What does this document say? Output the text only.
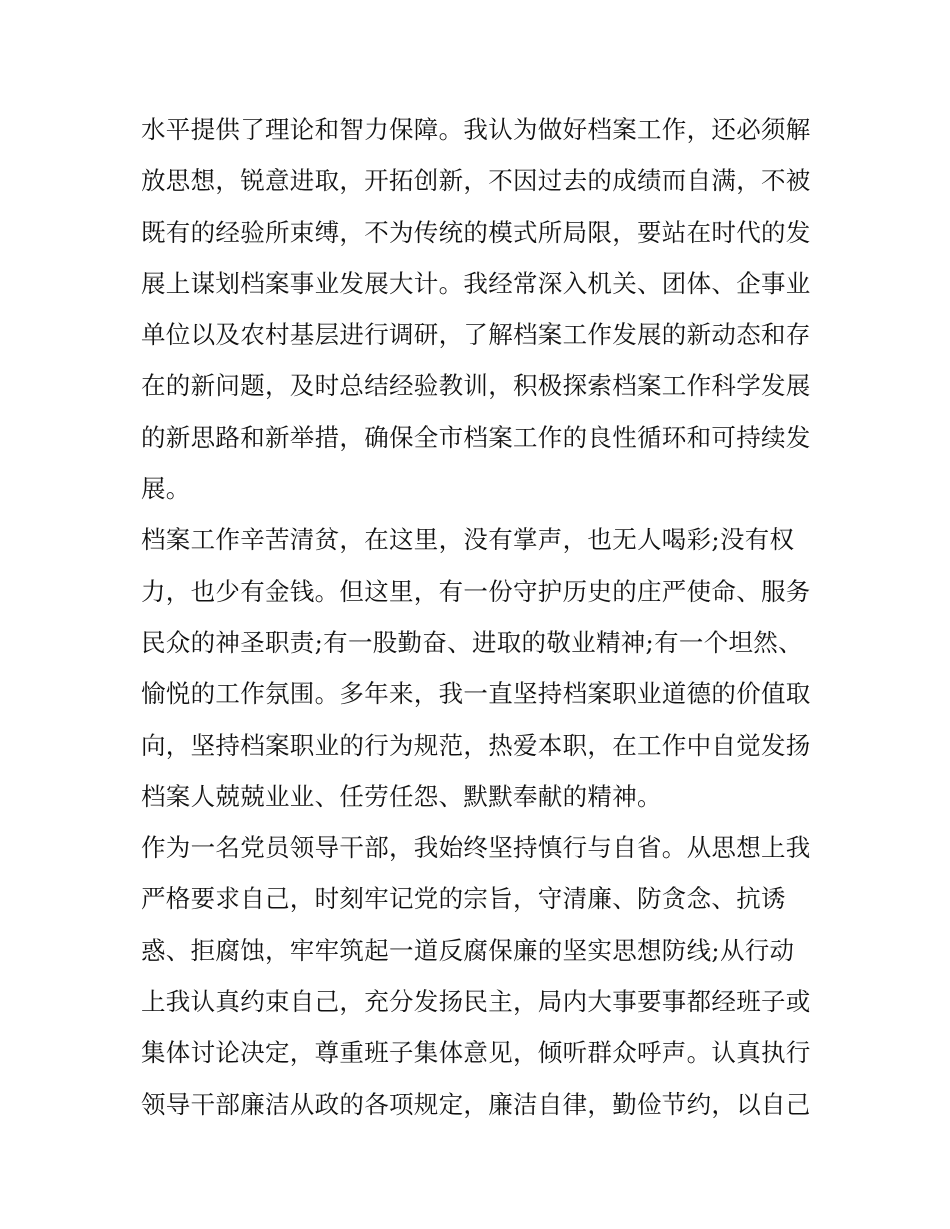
水平提供了理论和智力保障。我认为做好档案工作，还必须解
放思想，锐意进取，开拓创新，不因过去的成绩而自满，不被
既有的经验所束缚，不为传统的模式所局限，要站在时代的发
展上谋划档案事业发展大计。我经常深入机关、团体、企事业
单位以及农村基层进行调研，了解档案工作发展的新动态和存
在的新问题，及时总结经验教训，积极探索档案工作科学发展
的新思路和新举措，确保全市档案工作的良性循环和可持续发
展。
档案工作辛苦清贫，在这里，没有掌声，也无人喝彩;没有权
力，也少有金钱。但这里，有一份守护历史的庄严使命、服务
民众的神圣职责;有一股勤奋、进取的敬业精神;有一个坦然、
愉悦的工作氛围。多年来，我一直坚持档案职业道德的价值取
向，坚持档案职业的行为规范，热爱本职，在工作中自觉发扬
档案人兢兢业业、任劳任怨、默默奉献的精神。
作为一名党员领导干部，我始终坚持慎行与自省。从思想上我
严格要求自己，时刻牢记党的宗旨，守清廉、防贪念、抗诱
惑、拒腐蚀，牢牢筑起一道反腐保廉的坚实思想防线;从行动
上我认真约束自己，充分发扬民主，局内大事要事都经班子或
集体讨论决定，尊重班子集体意见，倾听群众呼声。认真执行
领导干部廉洁从政的各项规定，廉洁自律，勤俭节约，以自己
